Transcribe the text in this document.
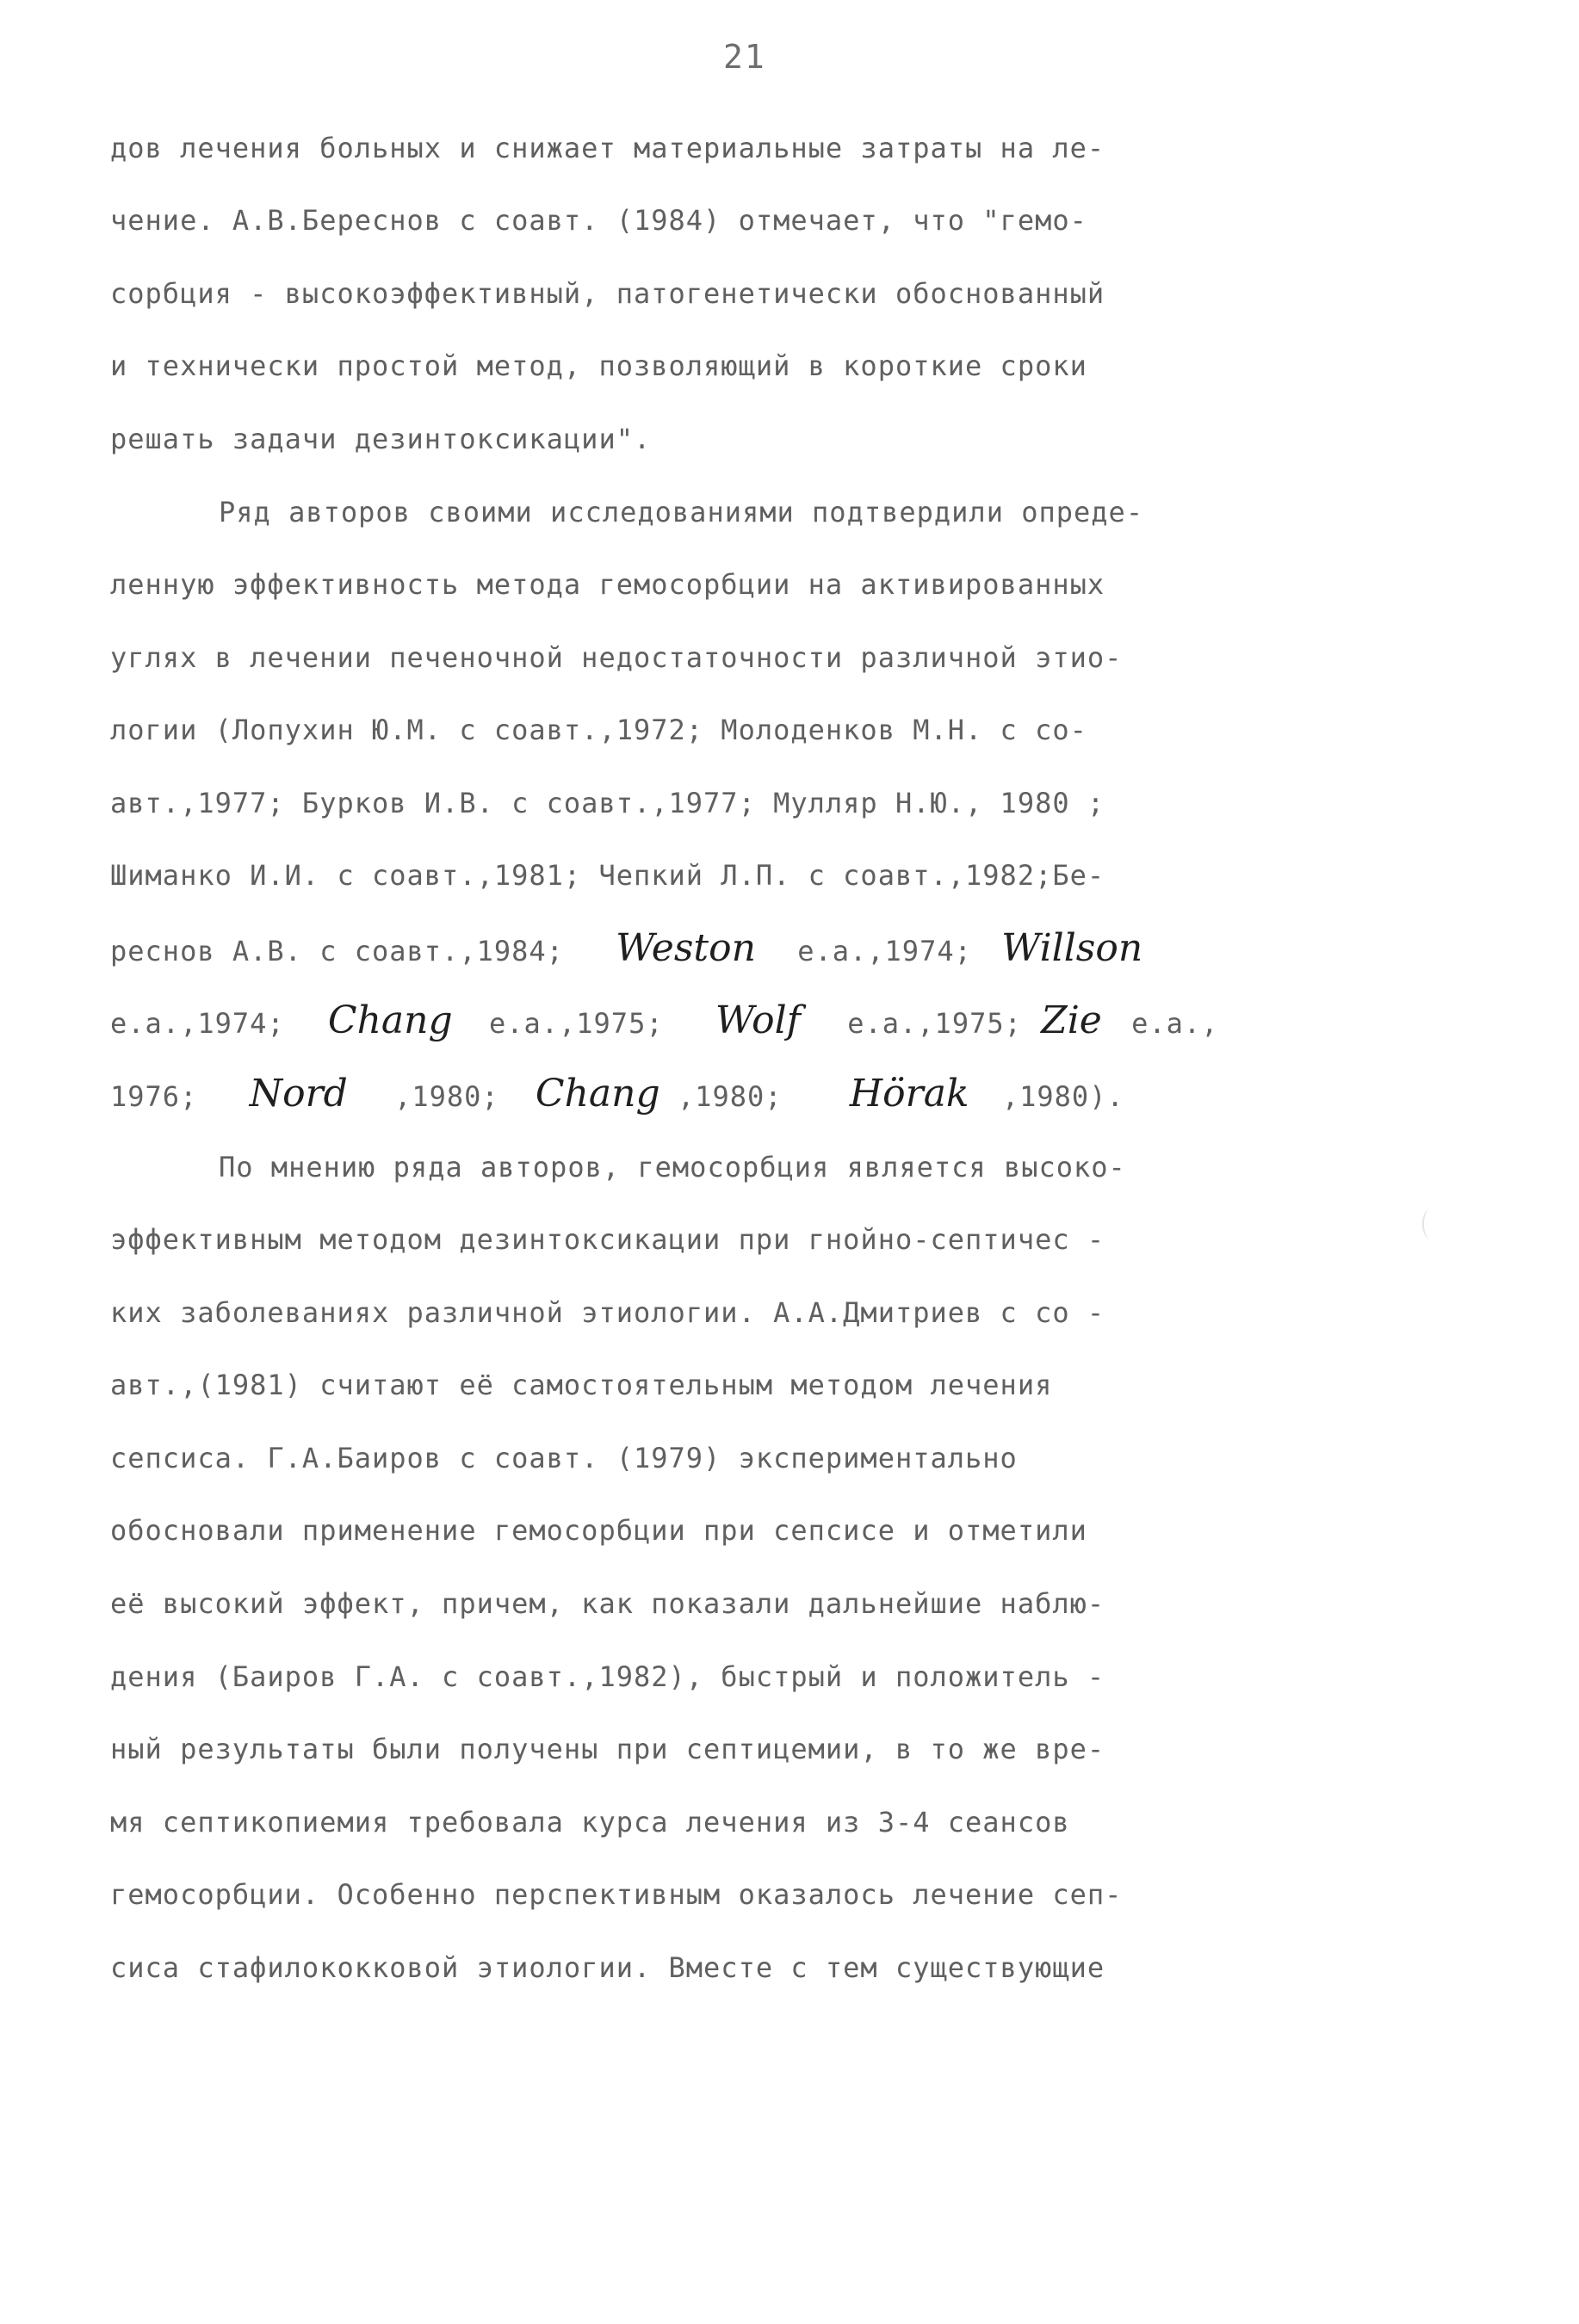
21
дов лечения больных и снижает материальные затраты на ле-
чение. А.В.Береснов с соавт. (1984) отмечает, что "гемо-
сорбция - высокоэффективный, патогенетически обоснованный
и технически простой метод, позволяющий в короткие сроки
решать задачи дезинтоксикации".
Ряд авторов своими исследованиями подтвердили опреде-
ленную эффективность метода гемосорбции на активированных
углях в лечении печеночной недостаточности различной этио-
логии (Лопухин Ю.М. с соавт.,1972; Молоденков М.Н. с со-
авт.,1977; Бурков И.В. с соавт.,1977; Мулляр Н.Ю., 1980 ;
Шиманко И.И. с соавт.,1981; Чепкий Л.П. с соавт.,1982;Бе-
реснов А.В. с соавт.,1984; Weston е.а.,1974; Willson
е.а.,1974; Chang е.а.,1975; Wolf е.а.,1975; Zie е.а.,
1976; Nord ,1980; Chang ,1980; Hörak ,1980).
По мнению ряда авторов, гемосорбция является высоко-
эффективным методом дезинтоксикации при гнойно-септичес -
ких заболеваниях различной этиологии. А.А.Дмитриев с со -
авт.,(1981) считают её самостоятельным методом лечения
сепсиса. Г.А.Баиров с соавт. (1979) экспериментально
обосновали применение гемосорбции при сепсисе и отметили
её высокий эффект, причем, как показали дальнейшие наблю-
дения (Баиров Г.А. с соавт.,1982), быстрый и положитель -
ный результаты были получены при септицемии, в то же вре-
мя септикопиемия требовала курса лечения из 3-4 сеансов
гемосорбции. Особенно перспективным оказалось лечение сеп-
сиса стафилококковой этиологии. Вместе с тем существующие
